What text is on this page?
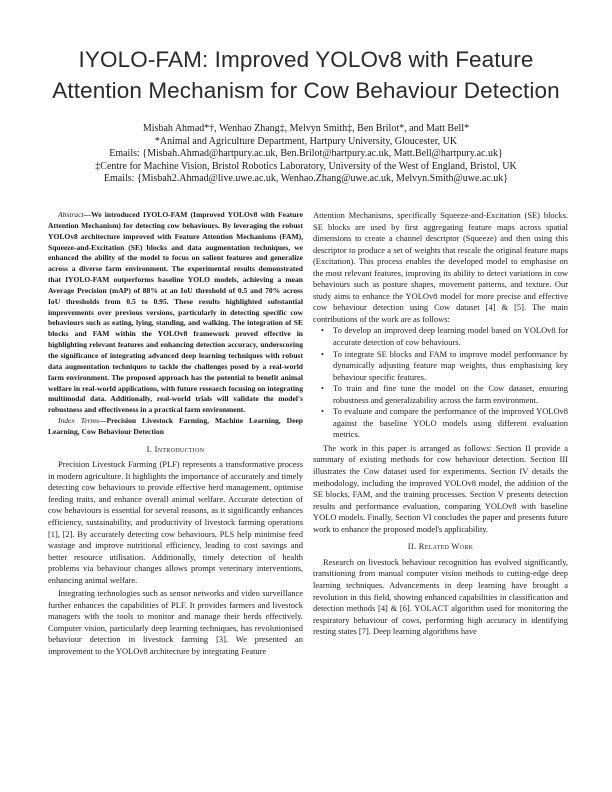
IYOLO-FAM: Improved YOLOv8 with Feature
Attention Mechanism for Cow Behaviour Detection
Misbah Ahmad*†, Wenhao Zhang‡, Melvyn Smith‡, Ben Brilot*, and Matt Bell*
*Animal and Agriculture Department, Hartpury University, Gloucester, UK
Emails: {Misbah.Ahmad@hartpury.ac.uk, Ben.Brilot@hartpury.ac.uk, Matt.Bell@hartpury.ac.uk}
‡Centre for Machine Vision, Bristol Robotics Laboratory, University of the West of England, Bristol, UK
Emails: {Misbah2.Ahmad@live.uwe.ac.uk, Wenhao.Zhang@uwe.ac.uk, Melvyn.Smith@uwe.ac.uk}

Abstract—We introduced IYOLO-FAM (Improved YOLOv8 with Feature Attention Mechanism) for detecting cow behaviours. By leveraging the robust YOLOv8 architecture improved with Feature Attention Mechanisms (FAM), Squeeze-and-Excitation (SE) blocks and data augmentation techniques, we enhanced the ability of the model to focus on salient features and generalize across a diverse farm environment. The experimental results demonstrated that IYOLO-FAM outperforms baseline YOLO models, achieving a mean Average Precision (mAP) of 88% at an IoU threshold of 0.5 and 70% across IoU thresholds from 0.5 to 0.95. These results highlighted substantial improvements over previous versions, particularly in detecting specific cow behaviours such as eating, lying, standing, and walking. The integration of SE blocks and FAM within the YOLOv8 framework proved effective in highlighting relevant features and enhancing detection accuracy, underscoring the significance of integrating advanced deep learning techniques with robust data augmentation techniques to tackle the challenges posed by a real-world farm environment. The proposed approach has the potential to benefit animal welfare in real-world applications, with future research focusing on integrating multimodal data. Additionally, real-world trials will validate the model's robustness and effectiveness in a practical farm environment.

Index Terms—Precision Livestock Farming, Machine Learning, Deep Learning, Cow Behaviour Detection

I. Introduction

Precision Livestock Farming (PLF) represents a transformative process in modern agriculture. It highlights the importance of accurately and timely detecting cow behaviours to provide effective herd management, optimise feeding traits, and enhance overall animal welfare. Accurate detection of cow behaviours is essential for several reasons, as it significantly enhances efficiency, sustainability, and productivity of livestock farming operations [1], [2]. By accurately detecting cow behaviours, PLS help minimise feed wastage and improve nutritional efficiency, leading to cost savings and better resource utilisation. Additionally, timely detection of health problems via behaviour changes allows prompt veterinary interventions, enhancing animal welfare.

Integrating technologies such as sensor networks and video surveillance further enhances the capabilities of PLF. It provides farmers and livestock managers with the tools to monitor and manage their herds effectively. Computer vision, particularly deep learning techniques, has revolutionised behaviour detection in livestock farming [3]. We presented an improvement to the YOLOv8 architecture by integrating Feature

Attention Mechanisms, specifically Squeeze-and-Excitation (SE) blocks. SE blocks are used by first aggregating feature maps across spatial dimensions to create a channel descriptor (Squeeze) and then using this descriptor to produce a set of weights that rescale the original feature maps (Excitation). This process enables the developed model to emphasise on the most relevant features, improving its ability to detect variations in cow behaviours such as posture shapes, movement patterns, and texture. Our study aims to enhance the YOLOv8 model for more precise and effective cow behaviour detection using Cow dataset [4] & [5]. The main contributions of the work are as follows:

• To develop an improved deep learning model based on YOLOv8 for accurate detection of cow behaviours.
• To integrate SE blocks and FAM to improve model performance by dynamically adjusting feature map weights, thus emphasising key behaviour specific features.
• To train and fine tune the model on the Cow dataset, ensuring robustness and generalizability across the farm environment.
• To evaluate and compare the performance of the improved YOLOv8 against the baseline YOLO models using different evaluation metrics.

The work in this paper is arranged as follows: Section II provide a summary of existing methods for cow behaviour detection. Section III illustrates the Cow dataset used for experiments. Section IV details the methodology, including the improved YOLOv8 model, the addition of the SE blocks, FAM, and the training processes. Section V presents detection results and performance evaluation, comparing YOLOv8 with baseline YOLO models. Finally, Section VI concludes the paper and presents future work to enhance the proposed model's applicability.

II. Related Work

Research on livestock behaviour recognition has evolved significantly, transitioning from manual computer vision methods to cutting-edge deep learning techniques. Advancements in deep learning have brought a revolution in this field, showing enhanced capabilities in classification and detection methods [4] & [6]. YOLACT algorithm used for monitoring the respiratory behaviour of cows, performing high accuracy in identifying resting states [7]. Deep learning algorithms have
